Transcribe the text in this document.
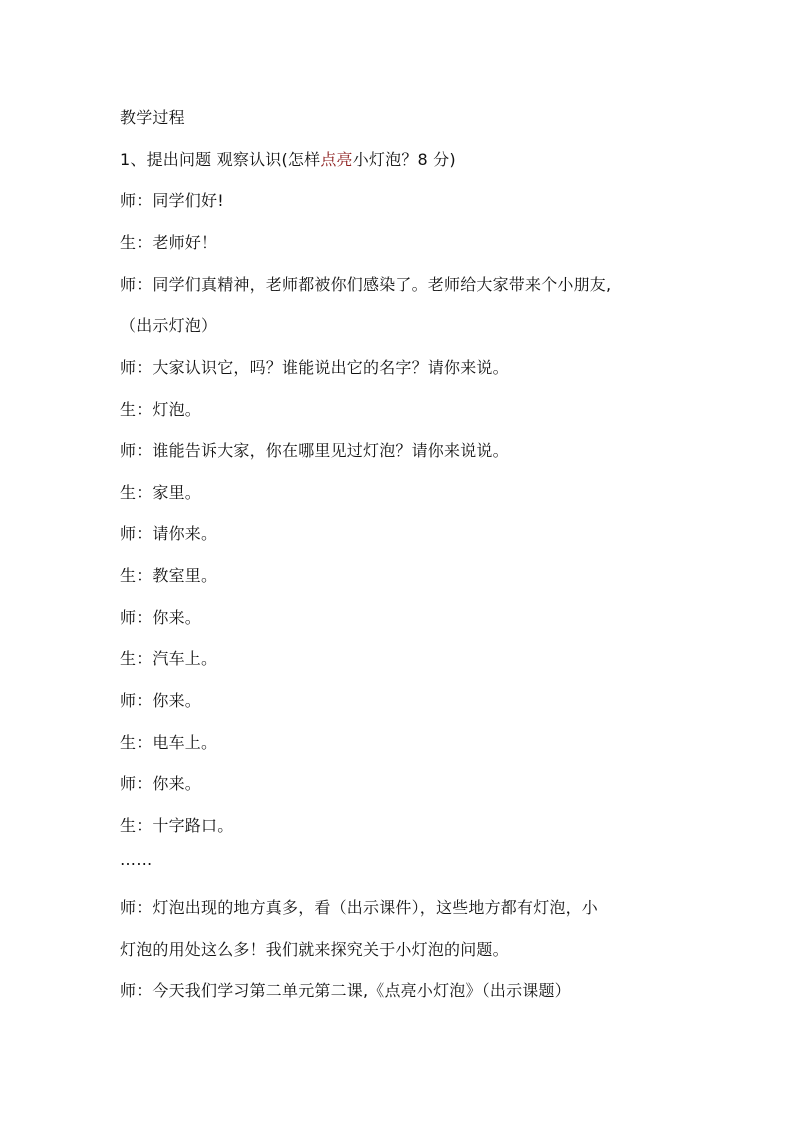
教学过程
1、提出问题 观察认识(怎样点亮小灯泡？8 分)
师：同学们好!
生：老师好！
师：同学们真精神，老师都被你们感染了。老师给大家带来个小朋友,
（出示灯泡）
师：大家认识它，吗？谁能说出它的名字？请你来说。
生：灯泡。
师：谁能告诉大家，你在哪里见过灯泡？请你来说说。
生：家里。
师：请你来。
生：教室里。
师：你来。
生：汽车上。
师：你来。
生：电车上。
师：你来。
生：十字路口。
……
师：灯泡出现的地方真多，看（出示课件），这些地方都有灯泡，小
灯泡的用处这么多！我们就来探究关于小灯泡的问题。
师：今天我们学习第二单元第二课,《点亮小灯泡》（出示课题）
